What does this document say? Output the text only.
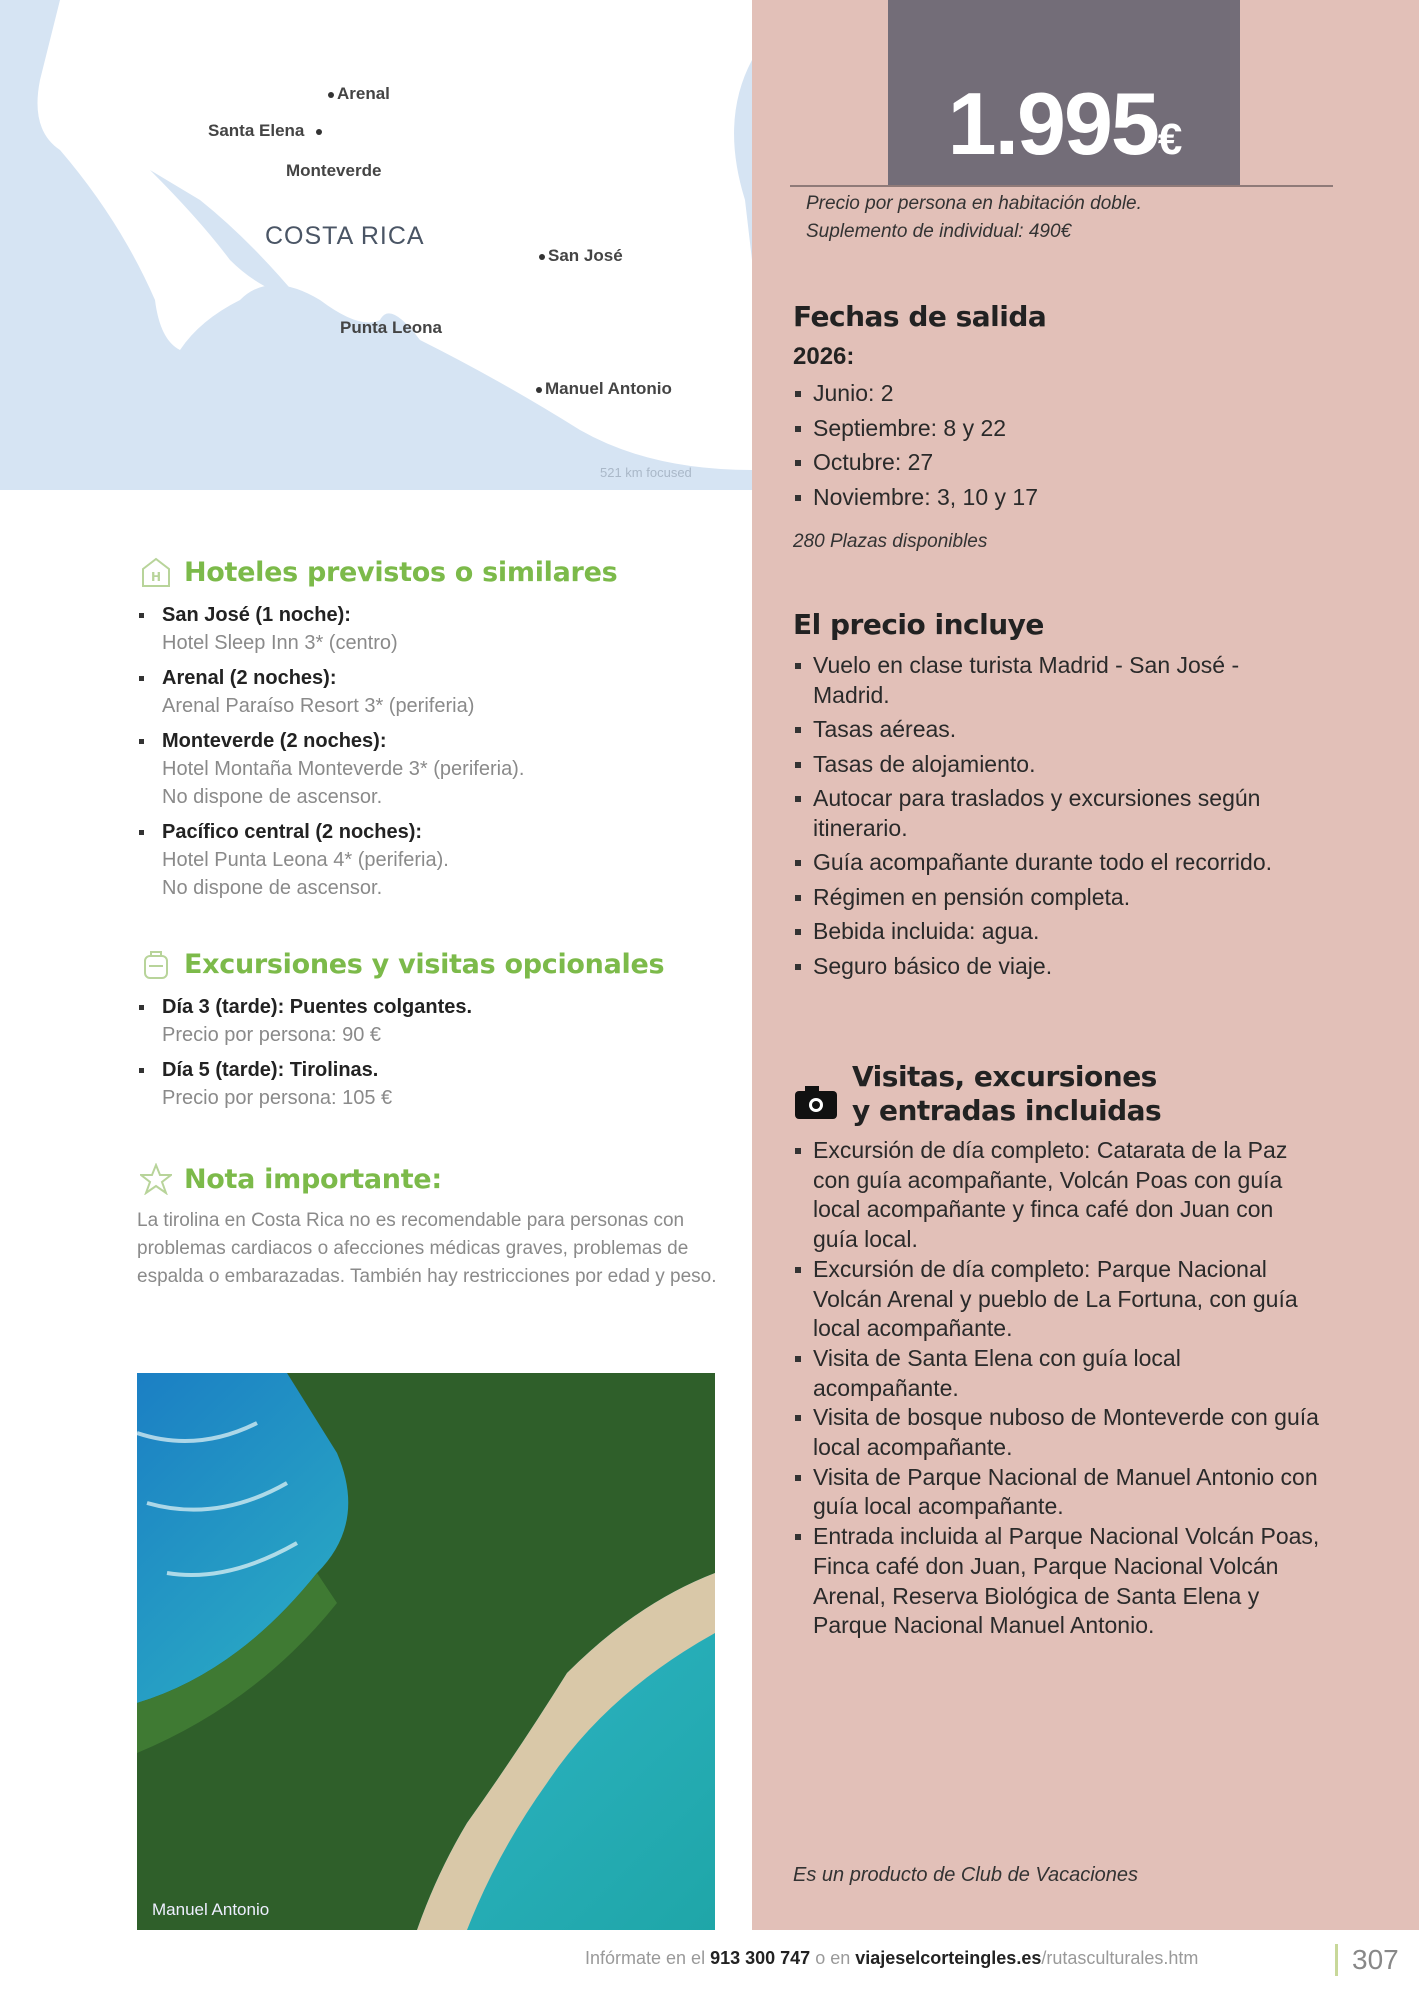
Arenal
Santa Elena
Monteverde
COSTA RICA
San José
Punta Leona
Manuel Antonio
521 km focused
1.995€
Precio por persona en habitación doble.
Suplemento de individual: 490€
Fechas de salida
2026:
Junio: 2
Septiembre: 8 y 22
Octubre: 27
Noviembre: 3, 10 y 17
280 Plazas disponibles
El precio incluye
Vuelo en clase turista Madrid - San José - Madrid.
Tasas aéreas.
Tasas de alojamiento.
Autocar para traslados y excursiones según itinerario.
Guía acompañante durante todo el recorrido.
Régimen en pensión completa.
Bebida incluida: agua.
Seguro básico de viaje.
Visitas, excursiones
y entradas incluidas
Excursión de día completo: Catarata de la Paz con guía acompañante, Volcán Poas con guía local acompañante y finca café don Juan con guía local.
Excursión de día completo: Parque Nacional Volcán Arenal y pueblo de La Fortuna, con guía local acompañante.
Visita de Santa Elena con guía local acompañante.
Visita de bosque nuboso de Monteverde con guía local acompañante.
Visita de Parque Nacional de Manuel Antonio con guía local acompañante.
Entrada incluida al Parque Nacional Volcán Poas, Finca café don Juan, Parque Nacional Volcán Arenal, Reserva Biológica de Santa Elena y Parque Nacional Manuel Antonio.
Es un producto de Club de Vacaciones
H Hoteles previstos o similares
San José (1 noche):
Hotel Sleep Inn 3* (centro)
Arenal (2 noches):
Arenal Paraíso Resort 3* (periferia)
Monteverde (2 noches):
Hotel Montaña Monteverde 3* (periferia).
No dispone de ascensor.
Pacífico central (2 noches):
Hotel Punta Leona 4* (periferia).
No dispone de ascensor.
Excursiones y visitas opcionales
Día 3 (tarde): Puentes colgantes.
Precio por persona: 90 €
Día 5 (tarde): Tirolinas.
Precio por persona: 105 €
Nota importante:
La tirolina en Costa Rica no es recomendable para personas con problemas cardiacos o afecciones médicas graves, problemas de espalda o embarazadas. También hay restricciones por edad y peso.
Manuel Antonio
Infórmate en el 913 300 747 o en viajeselcorteingles.es/rutasculturales.htm	307
